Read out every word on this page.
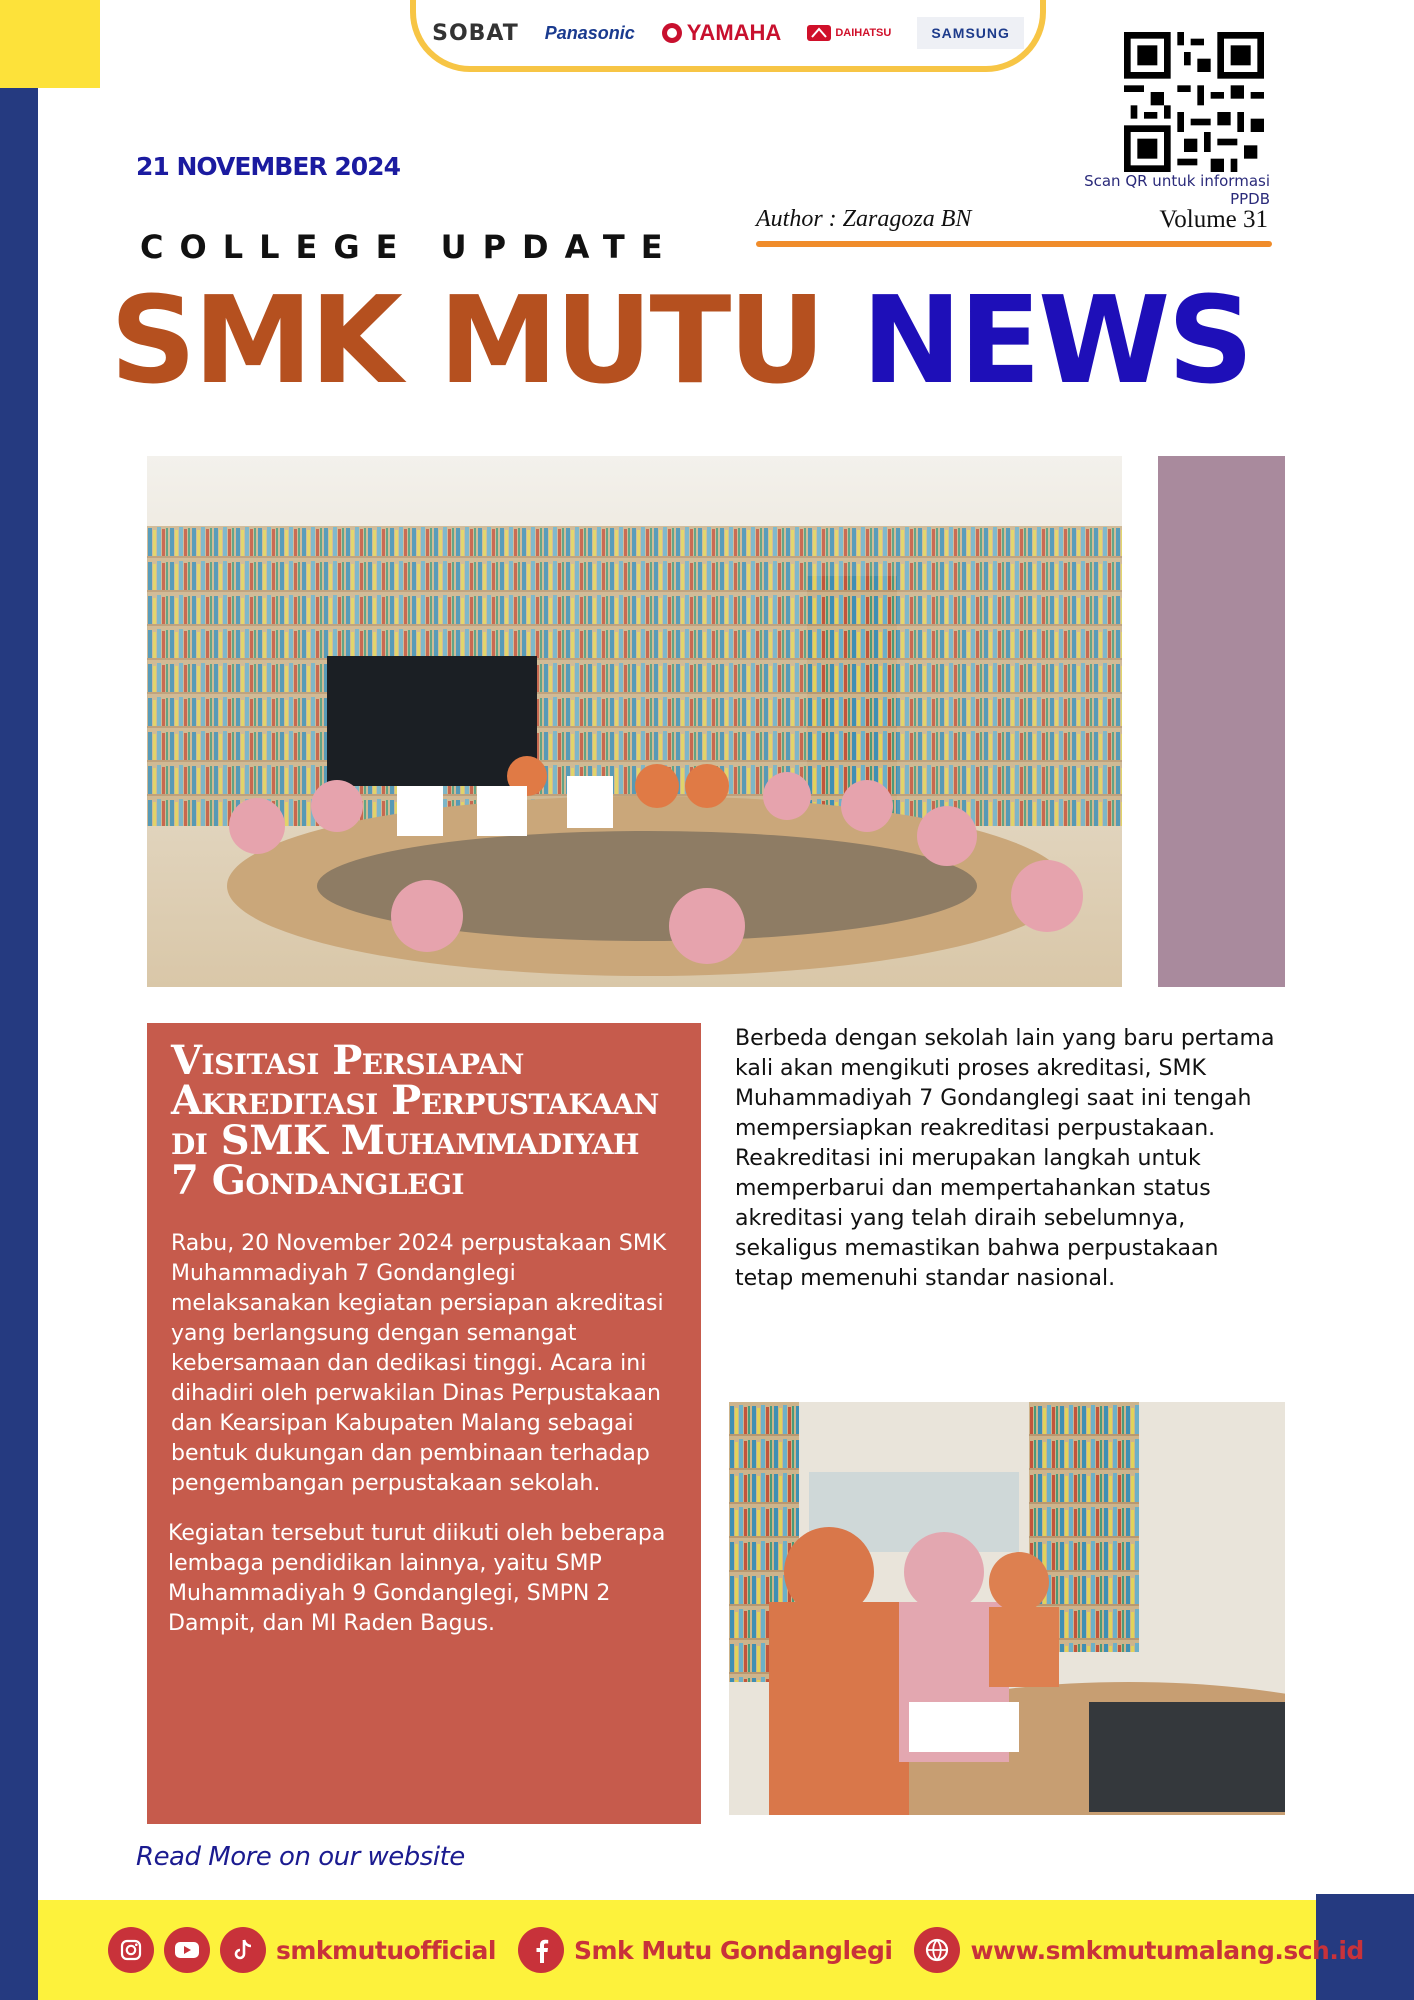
SOBAT Panasonic YAMAHA	DAIHATSU	SAMSUNG
Scan QR untuk informasi PPDB
21 NOVEMBER 2024
Author : Zaragoza BN	Volume 31
COLLEGE UPDATE
SMK MUTU NEWS
Visitasi Persiapan Akreditasi Perpustakaan di SMK Muhammadiyah 7 Gondanglegi

Rabu, 20 November 2024 perpustakaan SMK Muhammadiyah 7 Gondanglegi melaksanakan kegiatan persiapan akreditasi yang berlangsung dengan semangat kebersamaan dan dedikasi tinggi. Acara ini dihadiri oleh perwakilan Dinas Perpustakaan dan Kearsipan Kabupaten Malang sebagai bentuk dukungan dan pembinaan terhadap pengembangan perpustakaan sekolah.

Kegiatan tersebut turut diikuti oleh beberapa lembaga pendidikan lainnya, yaitu SMP Muhammadiyah 9 Gondanglegi, SMPN 2 Dampit, dan MI Raden Bagus.

Berbeda dengan sekolah lain yang baru pertama kali akan mengikuti proses akreditasi, SMK Muhammadiyah 7 Gondanglegi saat ini tengah mempersiapkan reakreditasi perpustakaan. Reakreditasi ini merupakan langkah untuk memperbarui dan mempertahankan status akreditasi yang telah diraih sebelumnya, sekaligus memastikan bahwa perpustakaan tetap memenuhi standar nasional.

Read More on our website
smkmutuofficial	Smk Mutu Gondanglegi	www.smkmutumalang.sch.id
